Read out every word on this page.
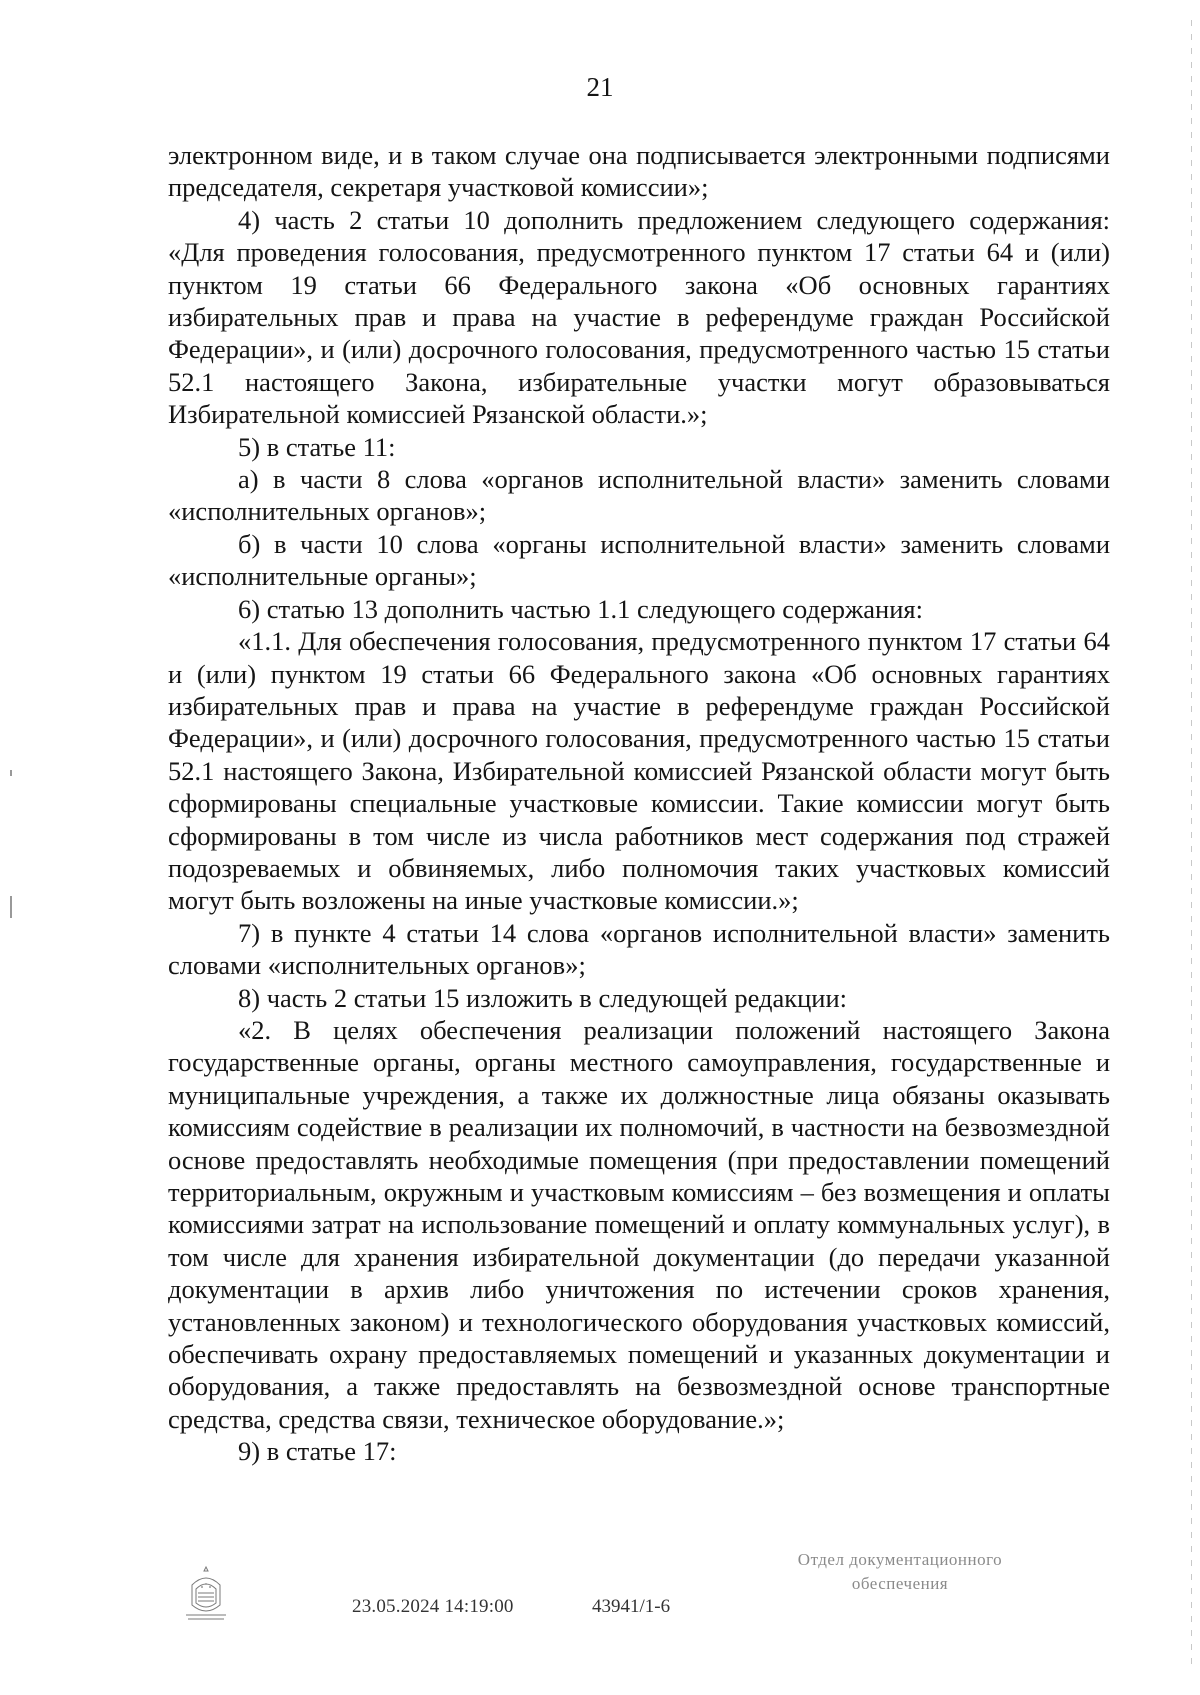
21

электронном виде, и в таком случае она подписывается электронными подписями председателя, секретаря участковой комиссии»;

4) часть 2 статьи 10 дополнить предложением следующего содержания: «Для проведения голосования, предусмотренного пунктом 17 статьи 64 и (или) пунктом 19 статьи 66 Федерального закона «Об основных гарантиях избирательных прав и права на участие в референдуме граждан Российской Федерации», и (или) досрочного голосования, предусмотренного частью 15 статьи 52.1 настоящего Закона, избирательные участки могут образовываться Избирательной комиссией Рязанской области.»;

5) в статье 11:

а) в части 8 слова «органов исполнительной власти» заменить словами «исполнительных органов»;

б) в части 10 слова «органы исполнительной власти» заменить словами «исполнительные органы»;

6) статью 13 дополнить частью 1.1 следующего содержания:

«1.1. Для обеспечения голосования, предусмотренного пунктом 17 статьи 64 и (или) пунктом 19 статьи 66 Федерального закона «Об основных гарантиях избирательных прав и права на участие в референдуме граждан Российской Федерации», и (или) досрочного голосования, предусмотренного частью 15 статьи 52.1 настоящего Закона, Избирательной комиссией Рязанской области могут быть сформированы специальные участковые комиссии. Такие комиссии могут быть сформированы в том числе из числа работников мест содержания под стражей подозреваемых и обвиняемых, либо полномочия таких участковых комиссий могут быть возложены на иные участковые комиссии.»;

7) в пункте 4 статьи 14 слова «органов исполнительной власти» заменить словами «исполнительных органов»;

8) часть 2 статьи 15 изложить в следующей редакции:

«2. В целях обеспечения реализации положений настоящего Закона государственные органы, органы местного самоуправления, государственные и муниципальные учреждения, а также их должностные лица обязаны оказывать комиссиям содействие в реализации их полномочий, в частности на безвозмездной основе предоставлять необходимые помещения (при предоставлении помещений территориальным, окружным и участковым комиссиям – без возмещения и оплаты комиссиями затрат на использование помещений и оплату коммунальных услуг), в том числе для хранения избирательной документации (до передачи указанной документации в архив либо уничтожения по истечении сроков хранения, установленных законом) и технологического оборудования участковых комиссий, обеспечивать охрану предоставляемых помещений и указанных документации и оборудования, а также предоставлять на безвозмездной основе транспортные средства, средства связи, техническое оборудование.»;

9) в статье 17:

23.05.2024 14:19:00	43941/1-6
Отдел документационного
обеспечения
